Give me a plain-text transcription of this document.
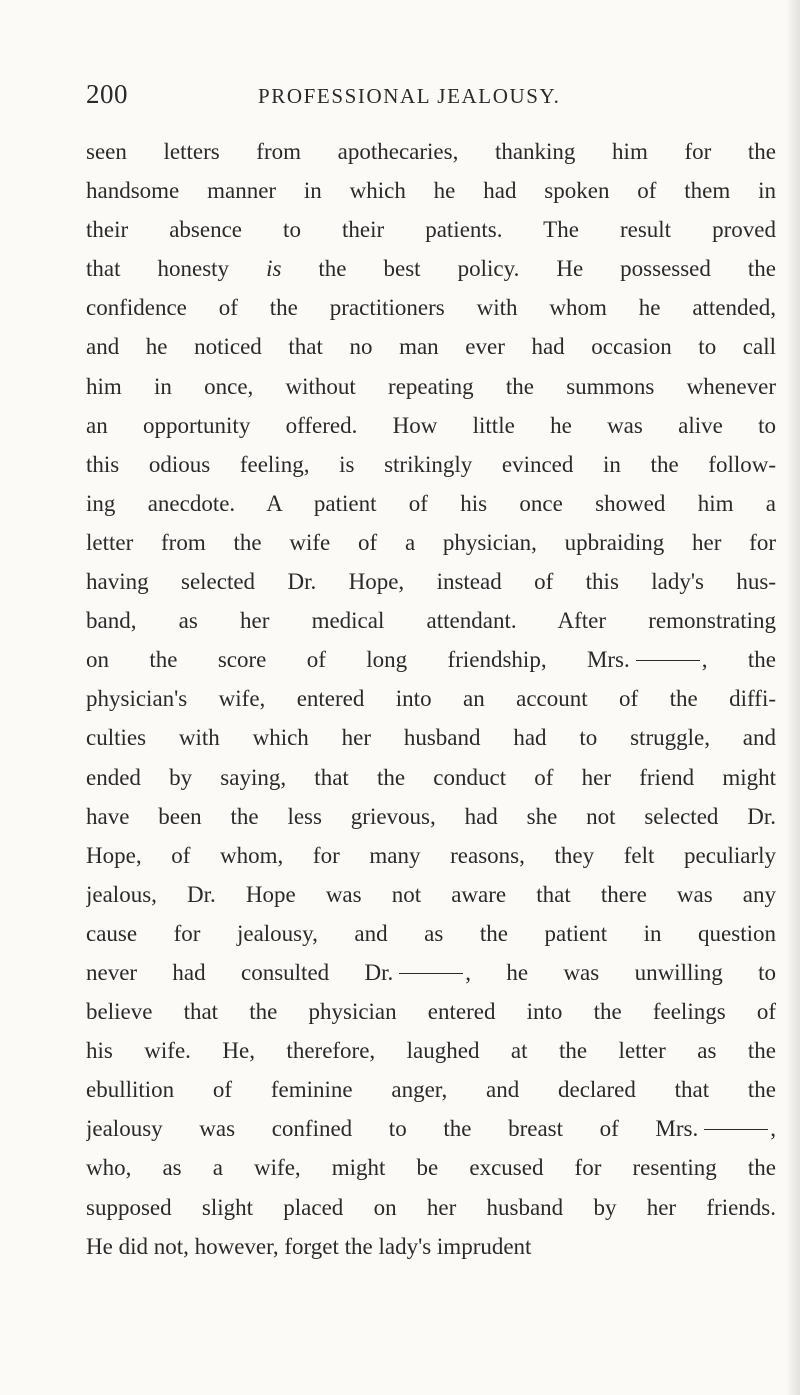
200	PROFESSIONAL JEALOUSY.
seen letters from apothecaries, thanking him for the
handsome manner in which he had spoken of them in
their absence to their patients. The result proved
that honesty is the best policy. He possessed the
confidence of the practitioners with whom he attended,
and he noticed that no man ever had occasion to call
him in once, without repeating the summons whenever
an opportunity offered. How little he was alive to
this odious feeling, is strikingly evinced in the follow-
ing anecdote. A patient of his once showed him a
letter from the wife of a physician, upbraiding her for
having selected Dr. Hope, instead of this lady's hus-
band, as her medical attendant. After remonstrating
on the score of long friendship, Mrs.	, the
physician's wife, entered into an account of the diffi-
culties with which her husband had to struggle, and
ended by saying, that the conduct of her friend might
have been the less grievous, had she not selected Dr.
Hope, of whom, for many reasons, they felt peculiarly
jealous, Dr. Hope was not aware that there was any
cause for jealousy, and as the patient in question
never had consulted Dr.	, he was unwilling to
believe that the physician entered into the feelings of
his wife. He, therefore, laughed at the letter as the
ebullition of feminine anger, and declared that the
jealousy was confined to the breast of Mrs.	,
who, as a wife, might be excused for resenting the
supposed slight placed on her husband by her friends.
He did not, however, forget the lady's imprudent
